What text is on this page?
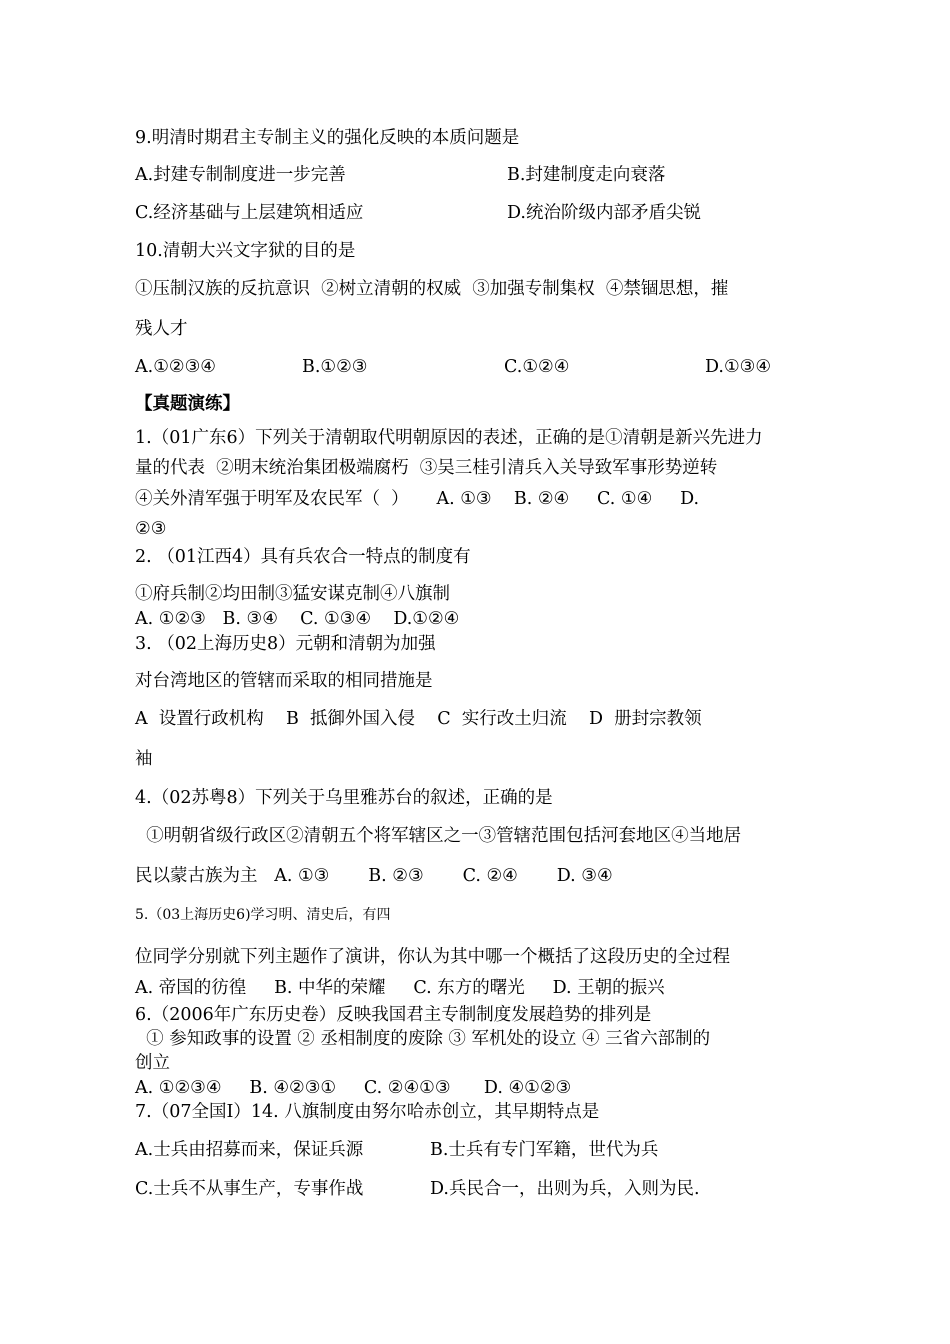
9.明清时期君主专制主义的强化反映的本质问题是
A.封建专制制度进一步完善	B.封建制度走向衰落
C.经济基础与上层建筑相适应	D.统治阶级内部矛盾尖锐
10.清朝大兴文字狱的目的是
①压制汉族的反抗意识  ②树立清朝的权威  ③加强专制集权  ④禁锢思想，摧
残人才
A.①②③④	B.①②③	C.①②④	D.①③④
【真题演练】
1.（01广东6）下列关于清朝取代明朝原因的表述，正确的是①清朝是新兴先进力
量的代表  ②明末统治集团极端腐朽  ③吴三桂引清兵入关导致军事形势逆转
④关外清军强于明军及农民军（  ）     A. ①③    B. ②④     C. ①④     D.
②③
2. （01江西4）具有兵农合一特点的制度有
①府兵制②均田制③猛安谋克制④八旗制
A. ①②③   B. ③④    C. ①③④    D.①②④
3. （02上海历史8）元朝和清朝为加强
对台湾地区的管辖而采取的相同措施是
A  设置行政机构    B  抵御外国入侵    C  实行改土归流    D  册封宗教领
袖
4.（02苏粤8）下列关于乌里雅苏台的叙述，正确的是
①明朝省级行政区②清朝五个将军辖区之一③管辖范围包括河套地区④当地居
民以蒙古族为主   A. ①③       B. ②③       C. ②④       D. ③④
5.（03上海历史6)学习明、清史后，有四
位同学分别就下列主题作了演讲，你认为其中哪一个概括了这段历史的全过程
A. 帝国的彷徨     B. 中华的荣耀     C. 东方的曙光     D. 王朝的振兴
6.（2006年广东历史卷）反映我国君主专制制度发展趋势的排列是
① 参知政事的设置 ② 丞相制度的废除 ③ 军机处的设立 ④ 三省六部制的
创立
A. ①②③④     B. ④②③①     C. ②④①③      D. ④①②③
7.（07全国Ⅰ）14. 八旗制度由努尔哈赤创立，其早期特点是
A.士兵由招募而来，保证兵源	B.士兵有专门军籍，世代为兵
C.士兵不从事生产，专事作战	D.兵民合一，出则为兵，入则为民.
